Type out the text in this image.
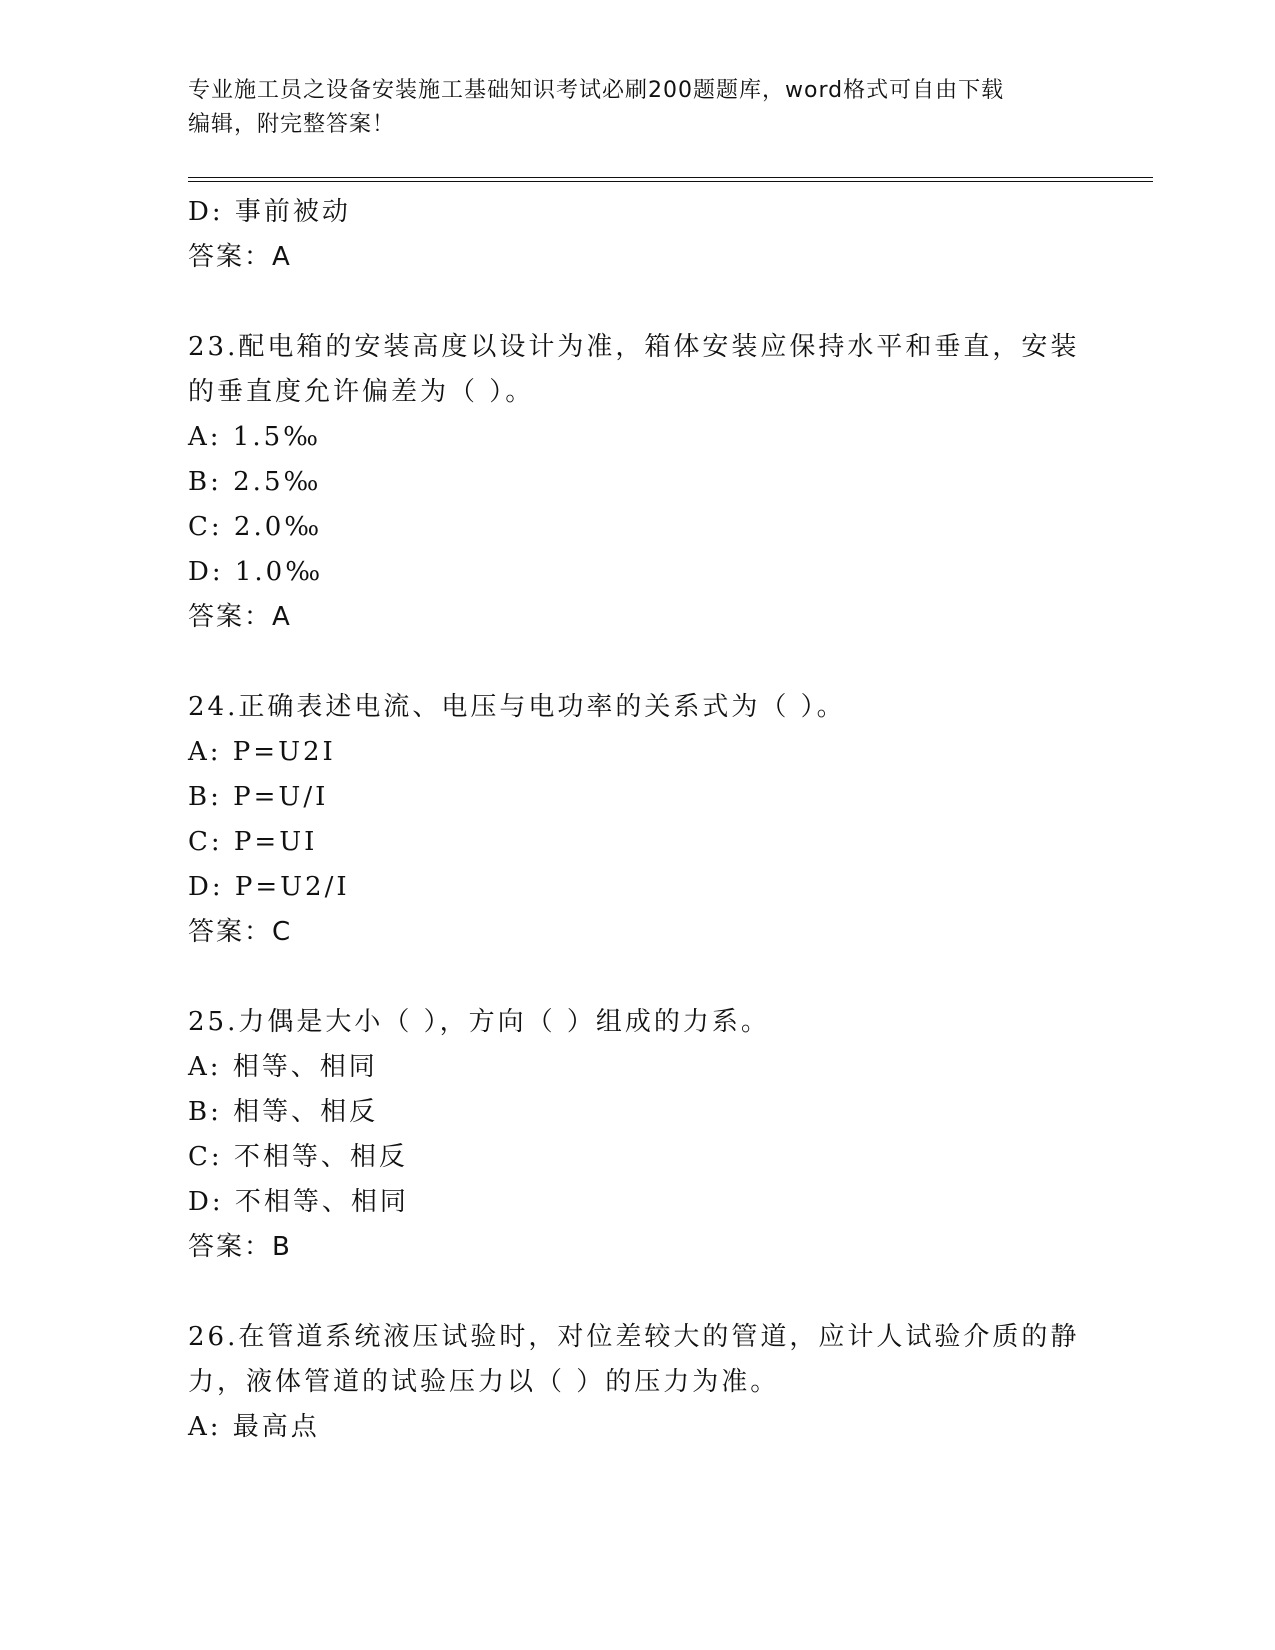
专业施工员之设备安装施工基础知识考试必刷200题题库，word格式可自由下载
编辑，附完整答案！
D: 事前被动
答案：A
23.配电箱的安装高度以设计为准，箱体安装应保持水平和垂直，安装
的垂直度允许偏差为（ ）。
A: 1.5‰
B: 2.5‰
C: 2.0‰
D: 1.0‰
答案：A
24.正确表述电流、电压与电功率的关系式为（ ）。
A: P=U2I
B: P=U/I
C: P=UI
D: P=U2/I
答案：C
25.力偶是大小（ ），方向（ ）组成的力系。
A: 相等、相同
B: 相等、相反
C: 不相等、相反
D: 不相等、相同
答案：B
26.在管道系统液压试验时，对位差较大的管道，应计人试验介质的静
力，液体管道的试验压力以（ ）的压力为准。
A: 最高点
